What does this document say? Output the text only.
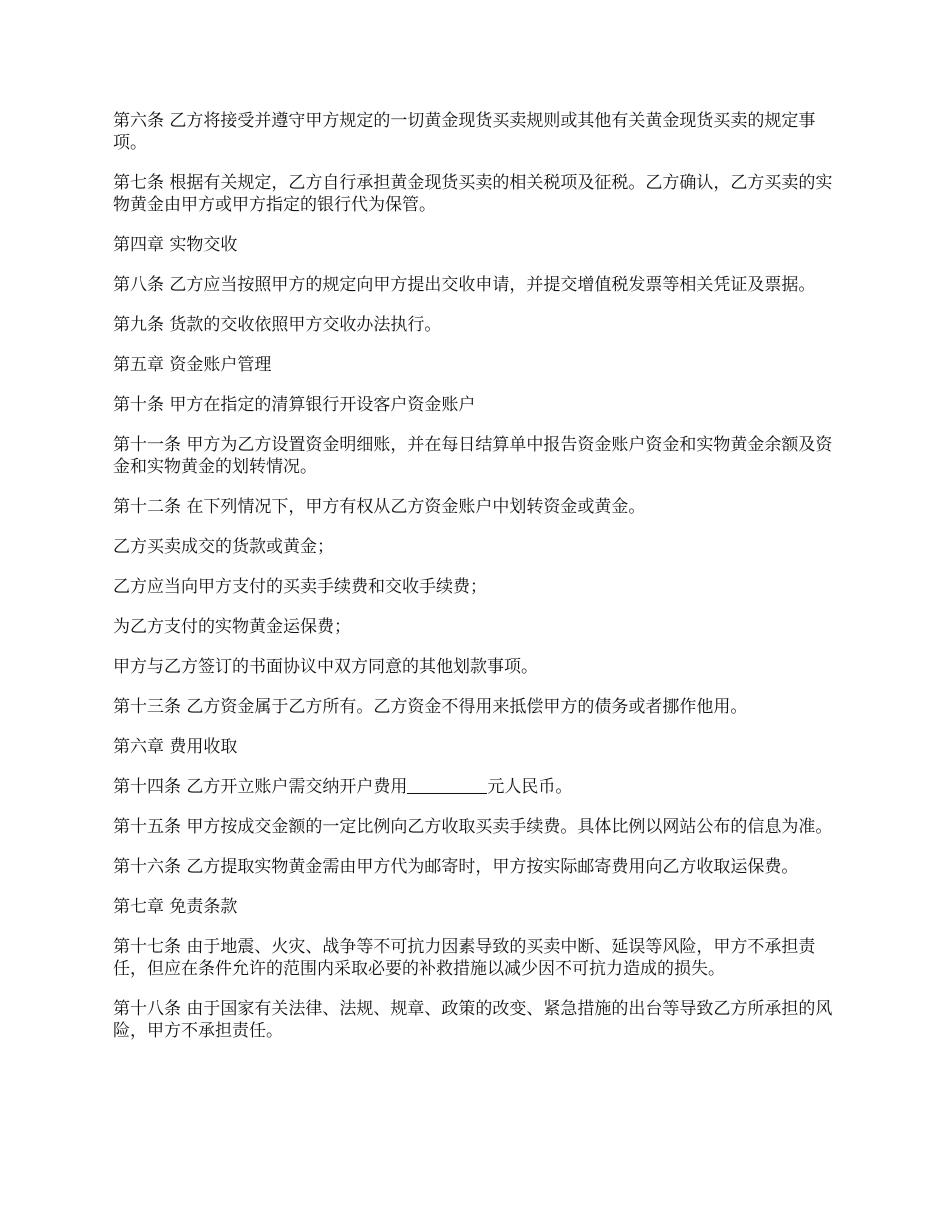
第六条 乙方将接受并遵守甲方规定的一切黄金现货买卖规则或其他有关黄金现货买卖的规定事项。

第七条 根据有关规定，乙方自行承担黄金现货买卖的相关税项及征税。乙方确认，乙方买卖的实物黄金由甲方或甲方指定的银行代为保管。

第四章 实物交收

第八条 乙方应当按照甲方的规定向甲方提出交收申请，并提交增值税发票等相关凭证及票据。

第九条 货款的交收依照甲方交收办法执行。

第五章 资金账户管理

第十条 甲方在指定的清算银行开设客户资金账户

第十一条 甲方为乙方设置资金明细账，并在每日结算单中报告资金账户资金和实物黄金余额及资金和实物黄金的划转情况。

第十二条 在下列情况下，甲方有权从乙方资金账户中划转资金或黄金。

乙方买卖成交的货款或黄金；

乙方应当向甲方支付的买卖手续费和交收手续费；

为乙方支付的实物黄金运保费；

甲方与乙方签订的书面协议中双方同意的其他划款事项。

第十三条 乙方资金属于乙方所有。乙方资金不得用来抵偿甲方的债务或者挪作他用。

第六章 费用收取

第十四条 乙方开立账户需交纳开户费用	元人民币。

第十五条 甲方按成交金额的一定比例向乙方收取买卖手续费。具体比例以网站公布的信息为准。

第十六条 乙方提取实物黄金需由甲方代为邮寄时，甲方按实际邮寄费用向乙方收取运保费。

第七章 免责条款

第十七条 由于地震、火灾、战争等不可抗力因素导致的买卖中断、延误等风险，甲方不承担责任，但应在条件允许的范围内采取必要的补救措施以减少因不可抗力造成的损失。

第十八条 由于国家有关法律、法规、规章、政策的改变、紧急措施的出台等导致乙方所承担的风险，甲方不承担责任。
